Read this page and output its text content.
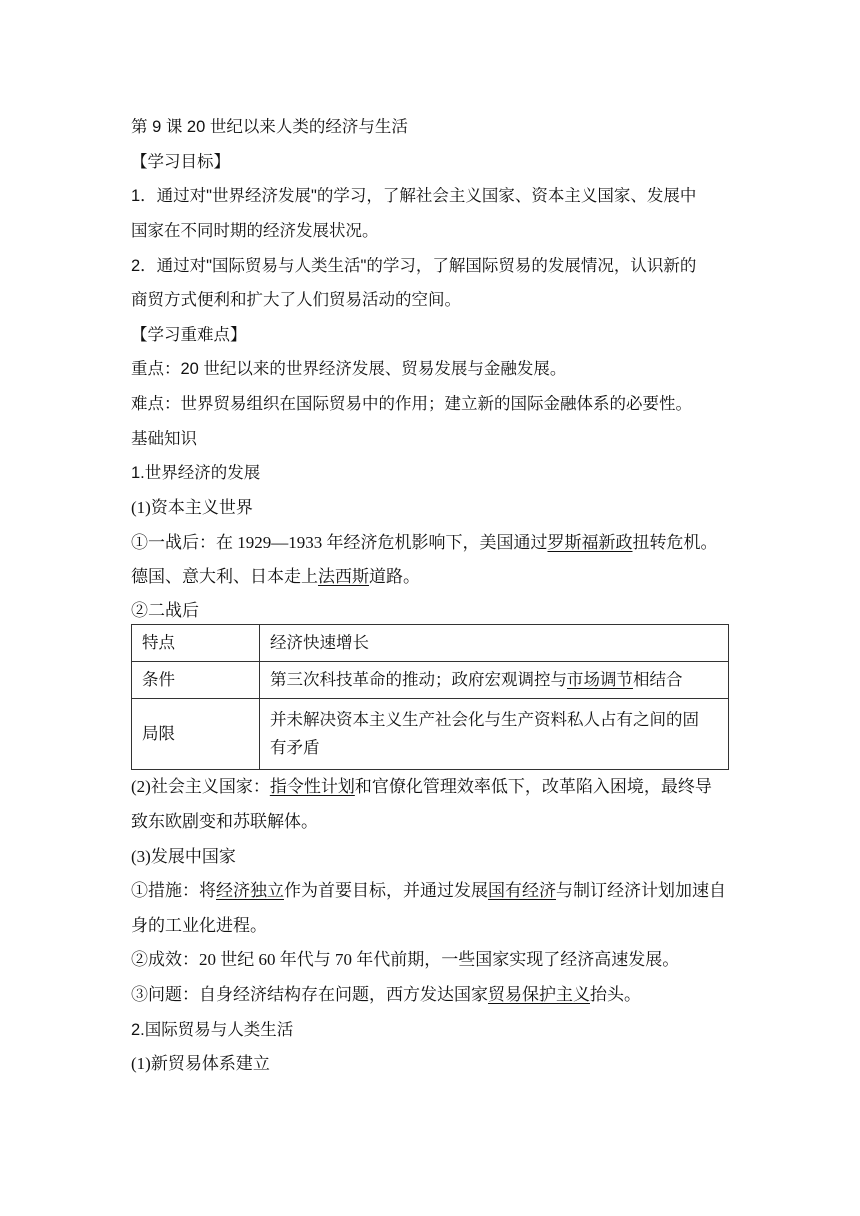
第 9 课 20 世纪以来人类的经济与生活
【学习目标】
1．通过对"世界经济发展"的学习，了解社会主义国家、资本主义国家、发展中
国家在不同时期的经济发展状况。
2．通过对"国际贸易与人类生活"的学习，了解国际贸易的发展情况，认识新的
商贸方式便利和扩大了人们贸易活动的空间。
【学习重难点】
重点：20 世纪以来的世界经济发展、贸易发展与金融发展。
难点：世界贸易组织在国际贸易中的作用；建立新的国际金融体系的必要性。
基础知识
1.世界经济的发展
(1)资本主义世界
①一战后：在 1929—1933 年经济危机影响下，美国通过罗斯福新政扭转危机。
德国、意大利、日本走上法西斯道路。
②二战后
特点	经济快速增长
条件	第三次科技革命的推动；政府宏观调控与市场调节相结合
局限	并未解决资本主义生产社会化与生产资料私人占有之间的固
有矛盾
(2)社会主义国家：指令性计划和官僚化管理效率低下，改革陷入困境，最终导
致东欧剧变和苏联解体。
(3)发展中国家
①措施：将经济独立作为首要目标，并通过发展国有经济与制订经济计划加速自
身的工业化进程。
②成效：20 世纪 60 年代与 70 年代前期，一些国家实现了经济高速发展。
③问题：自身经济结构存在问题，西方发达国家贸易保护主义抬头。
2.国际贸易与人类生活
(1)新贸易体系建立
